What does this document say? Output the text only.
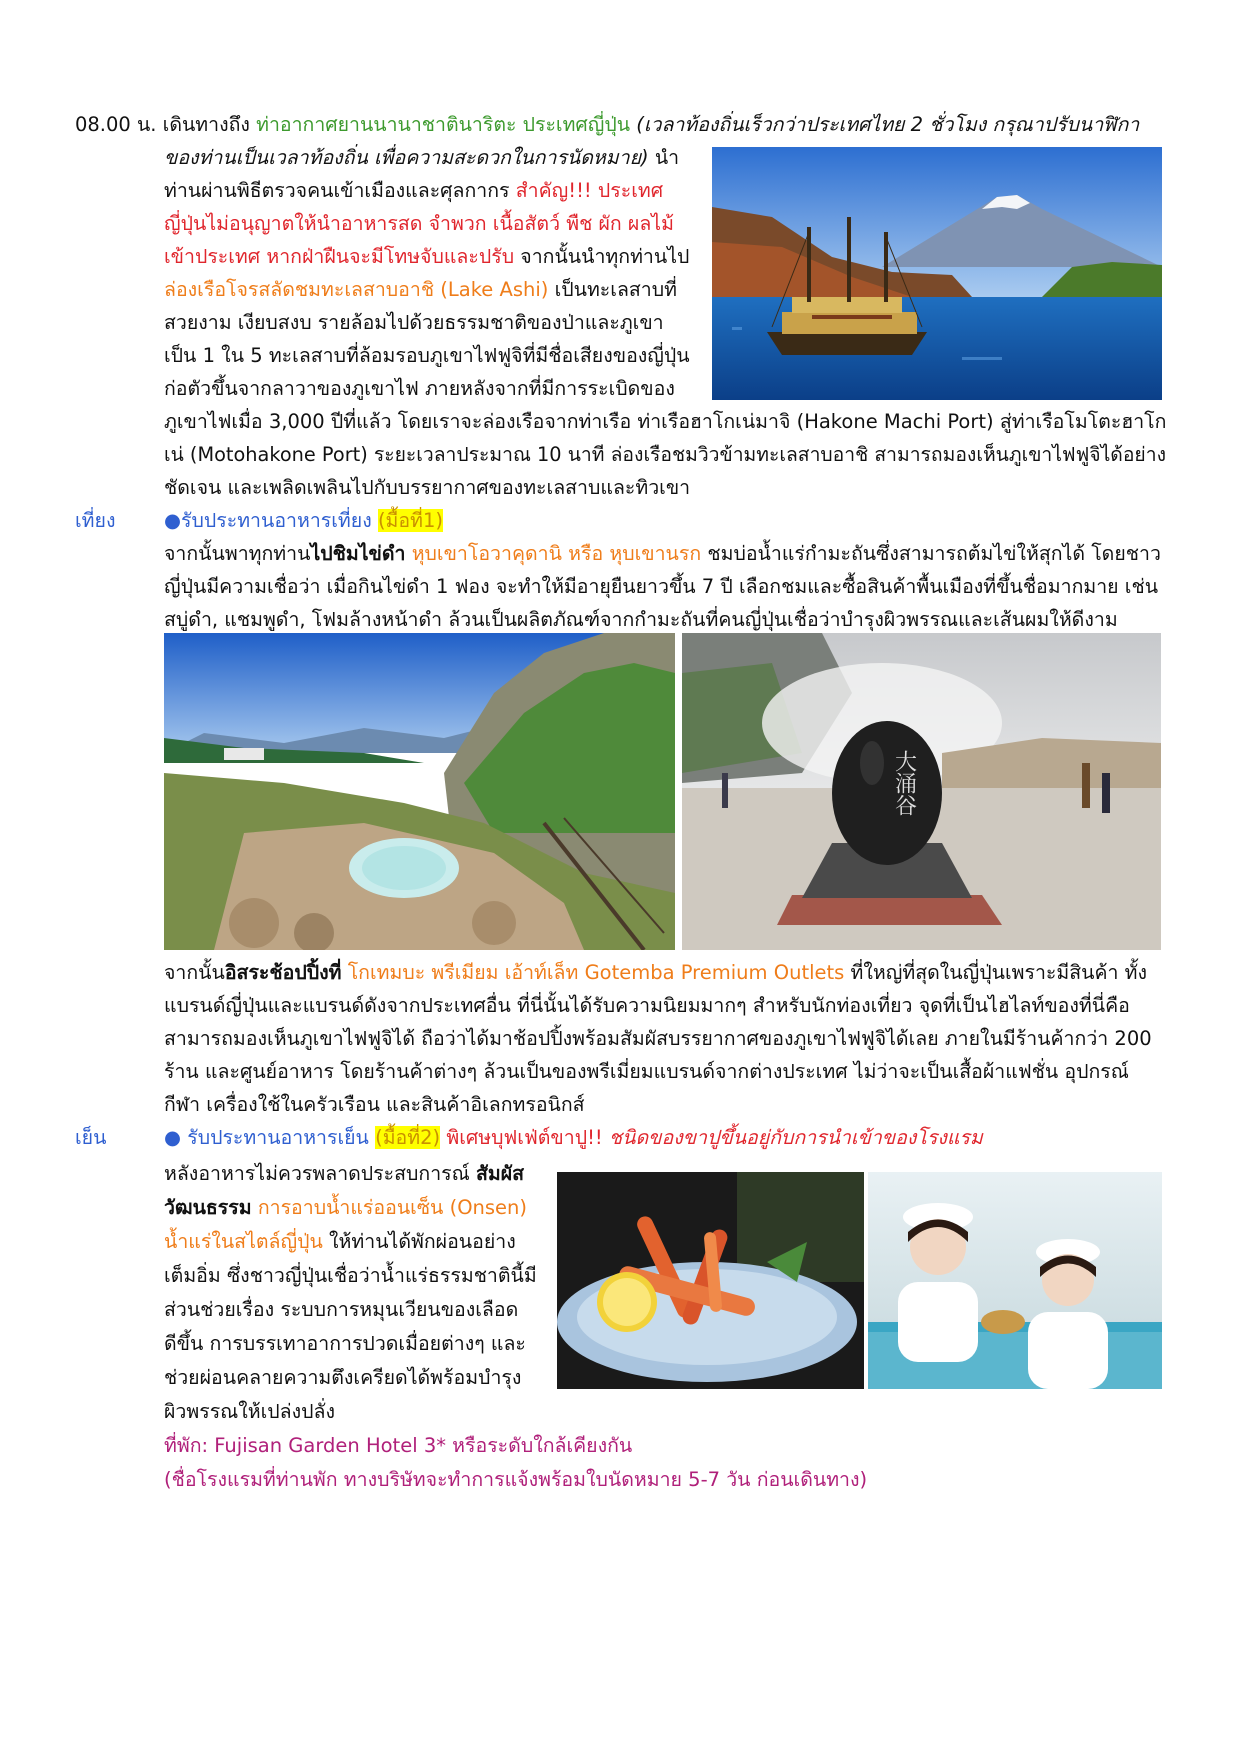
08.00 น. เดินทางถึง ท่าอากาศยานนานาชาตินาริตะ ประเทศญี่ปุ่น (เวลาท้องถิ่นเร็วกว่าประเทศไทย 2 ชั่วโมง กรุณาปรับนาฬิกา
ของท่านเป็นเวลาท้องถิ่น เพื่อความสะดวกในการนัดหมาย) นำ
ท่านผ่านพิธีตรวจคนเข้าเมืองและศุลกากร สำคัญ!!! ประเทศ
ญี่ปุ่นไม่อนุญาตให้นำอาหารสด จำพวก เนื้อสัตว์ พืช ผัก ผลไม้
เข้าประเทศ หากฝ่าฝืนจะมีโทษจับและปรับ จากนั้นนำทุกท่านไป
ล่องเรือโจรสลัดชมทะเลสาบอาชิ (Lake Ashi) เป็นทะเลสาบที่
สวยงาม เงียบสงบ รายล้อมไปด้วยธรรมชาติของป่าและภูเขา
เป็น 1 ใน 5 ทะเลสาบที่ล้อมรอบภูเขาไฟฟูจิที่มีชื่อเสียงของญี่ปุ่น
ก่อตัวขึ้นจากลาวาของภูเขาไฟ ภายหลังจากที่มีการระเบิดของ
ภูเขาไฟเมื่อ 3,000 ปีที่แล้ว โดยเราจะล่องเรือจากท่าเรือ ท่าเรือฮาโกเน่มาจิ (Hakone Machi Port) สู่ท่าเรือโมโตะฮาโก
เน่ (Motohakone Port) ระยะเวลาประมาณ 10 นาที ล่องเรือชมวิวข้ามทะเลสาบอาชิ สามารถมองเห็นภูเขาไฟฟูจิได้อย่าง
ชัดเจน และเพลิดเพลินไปกับบรรยากาศของทะเลสาบและทิวเขา
เที่ยง ●รับประทานอาหารเที่ยง (มื้อที่1)
จากนั้นพาทุกท่านไปชิมไข่ดำ หุบเขาโอวาคุดานิ หรือ หุบเขานรก ชมบ่อน้ำแร่กำมะถันซึ่งสามารถต้มไข่ให้สุกได้ โดยชาว
ญี่ปุ่นมีความเชื่อว่า เมื่อกินไข่ดำ 1 ฟอง จะทำให้มีอายุยืนยาวขึ้น 7 ปี เลือกชมและซื้อสินค้าพื้นเมืองที่ขึ้นชื่อมากมาย เช่น
สบู่ดำ, แชมพูดำ, โฟมล้างหน้าดำ ล้วนเป็นผลิตภัณฑ์จากกำมะถันที่คนญี่ปุ่นเชื่อว่าบำรุงผิวพรรณและเส้นผมให้ดีงาม
大涌谷
จากนั้นอิสระช้อปปิ้งที่ โกเทมบะ พรีเมียม เอ้าท์เล็ท Gotemba Premium Outlets ที่ใหญ่ที่สุดในญี่ปุ่นเพราะมีสินค้า ทั้ง
แบรนด์ญี่ปุ่นและแบรนด์ดังจากประเทศอื่น ที่นี่นั้นได้รับความนิยมมากๆ สำหรับนักท่องเที่ยว จุดที่เป็นไฮไลท์ของที่นี่คือ
สามารถมองเห็นภูเขาไฟฟูจิได้ ถือว่าได้มาช้อปปิ้งพร้อมสัมผัสบรรยากาศของภูเขาไฟฟูจิได้เลย ภายในมีร้านค้ากว่า 200
ร้าน และศูนย์อาหาร โดยร้านค้าต่างๆ ล้วนเป็นของพรีเมี่ยมแบรนด์จากต่างประเทศ ไม่ว่าจะเป็นเสื้อผ้าแฟชั่น อุปกรณ์
กีฬา เครื่องใช้ในครัวเรือน และสินค้าอิเลกทรอนิกส์
เย็น	● รับประทานอาหารเย็น (มื้อที่2) พิเศษบุฟเฟ่ต์ขาปู!! ชนิดของขาปูขึ้นอยู่กับการนำเข้าของโรงแรม
หลังอาหารไม่ควรพลาดประสบการณ์ สัมผัส
วัฒนธรรม การอาบน้ำแร่ออนเซ็น (Onsen)
น้ำแร่ในสไตล์ญี่ปุ่น ให้ท่านได้พักผ่อนอย่าง
เต็มอิ่ม ซึ่งชาวญี่ปุ่นเชื่อว่าน้ำแร่ธรรมชาตินี้มี
ส่วนช่วยเรื่อง ระบบการหมุนเวียนของเลือด
ดีขึ้น การบรรเทาอาการปวดเมื่อยต่างๆ และ
ช่วยผ่อนคลายความตึงเครียดได้พร้อมบำรุง
ผิวพรรณให้เปล่งปลั่ง
ที่พัก: Fujisan Garden Hotel 3* หรือระดับใกล้เคียงกัน
(ชื่อโรงแรมที่ท่านพัก ทางบริษัทจะทำการแจ้งพร้อมใบนัดหมาย 5-7 วัน ก่อนเดินทาง)
